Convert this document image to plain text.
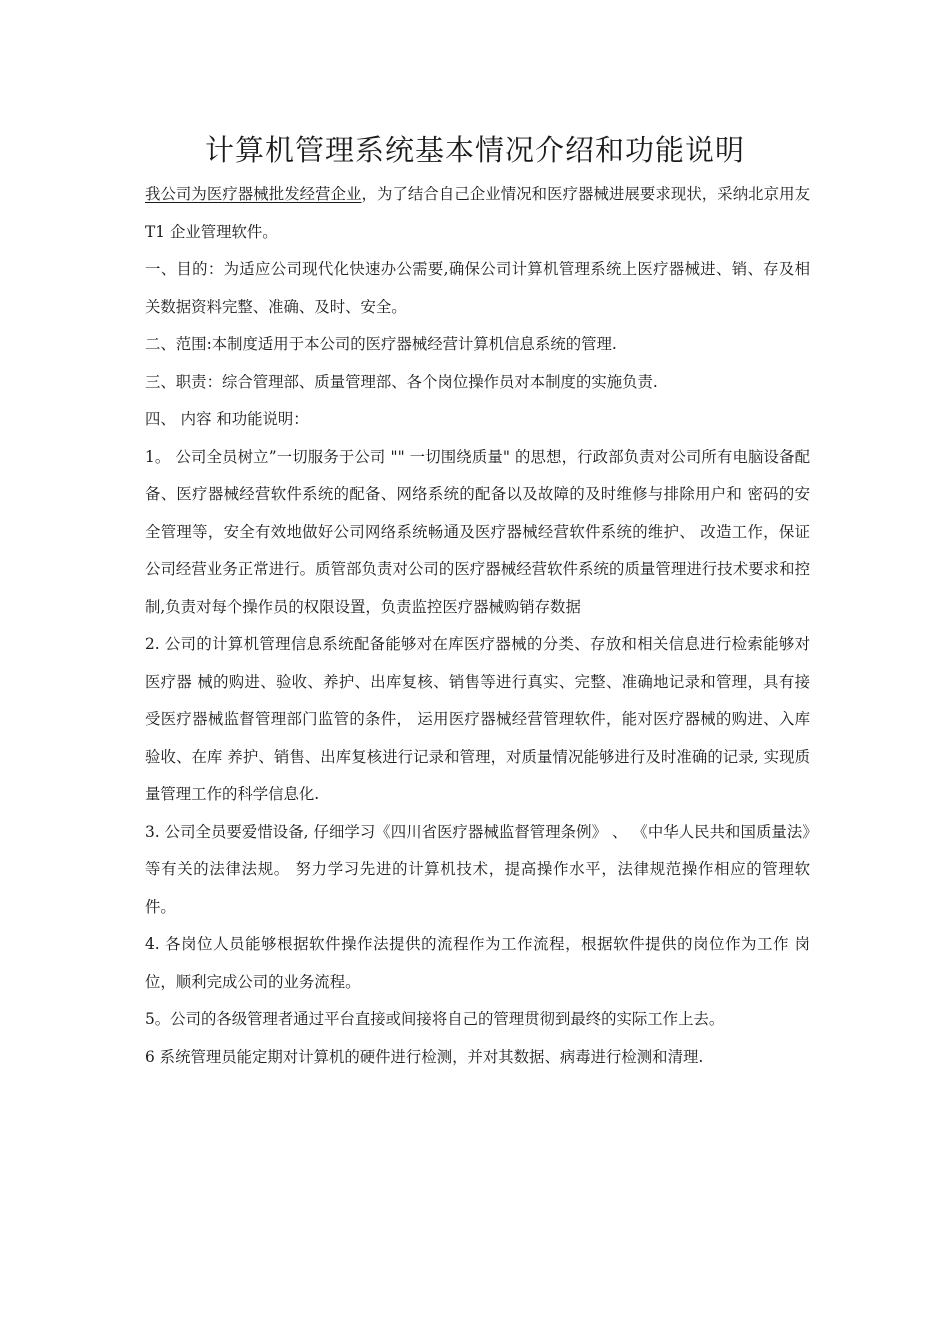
计算机管理系统基本情况介绍和功能说明

我公司为医疗器械批发经营企业，为了结合自己企业情况和医疗器械进展要求现状，采纳北京用友 T1 企业管理软件。

一、目的：为适应公司现代化快速办公需要,确保公司计算机管理系统上医疗器械进、销、存及相关数据资料完整、准确、及时、安全。

二、范围:本制度适用于本公司的医疗器械经营计算机信息系统的管理.

三、职责：综合管理部、质量管理部、各个岗位操作员对本制度的实施负责.

四、 内容 和功能说明：

1。 公司全员树立”一切服务于公司 "" 一切围绕质量" 的思想，行政部负责对公司所有电脑设备配备、医疗器械经营软件系统的配备、网络系统的配备以及故障的及时维修与排除用户和 密码的安全管理等，安全有效地做好公司网络系统畅通及医疗器械经营软件系统的维护、 改造工作，保证公司经营业务正常进行。质管部负责对公司的医疗器械经营软件系统的质量管理进行技术要求和控制,负责对每个操作员的权限设置，负责监控医疗器械购销存数据

2. 公司的计算机管理信息系统配备能够对在库医疗器械的分类、存放和相关信息进行检索能够对医疗器 械的购进、验收、养护、出库复核、销售等进行真实、完整、准确地记录和管理，具有接 受医疗器械监督管理部门监管的条件， 运用医疗器械经营管理软件，能对医疗器械的购进、入库验收、在库 养护、销售、出库复核进行记录和管理，对质量情况能够进行及时准确的记录, 实现质量管理工作的科学信息化.

3. 公司全员要爱惜设备, 仔细学习《四川省医疗器械监督管理条例》 、 《中华人民共和国质量法》等有关的法律法规。 努力学习先进的计算机技术，提高操作水平，法律规范操作相应的管理软件。

4. 各岗位人员能够根据软件操作法提供的流程作为工作流程，根据软件提供的岗位作为工作 岗位，顺利完成公司的业务流程。

5。公司的各级管理者通过平台直接或间接将自己的管理贯彻到最终的实际工作上去。

6 系统管理员能定期对计算机的硬件进行检测，并对其数据、病毒进行检测和清理.
